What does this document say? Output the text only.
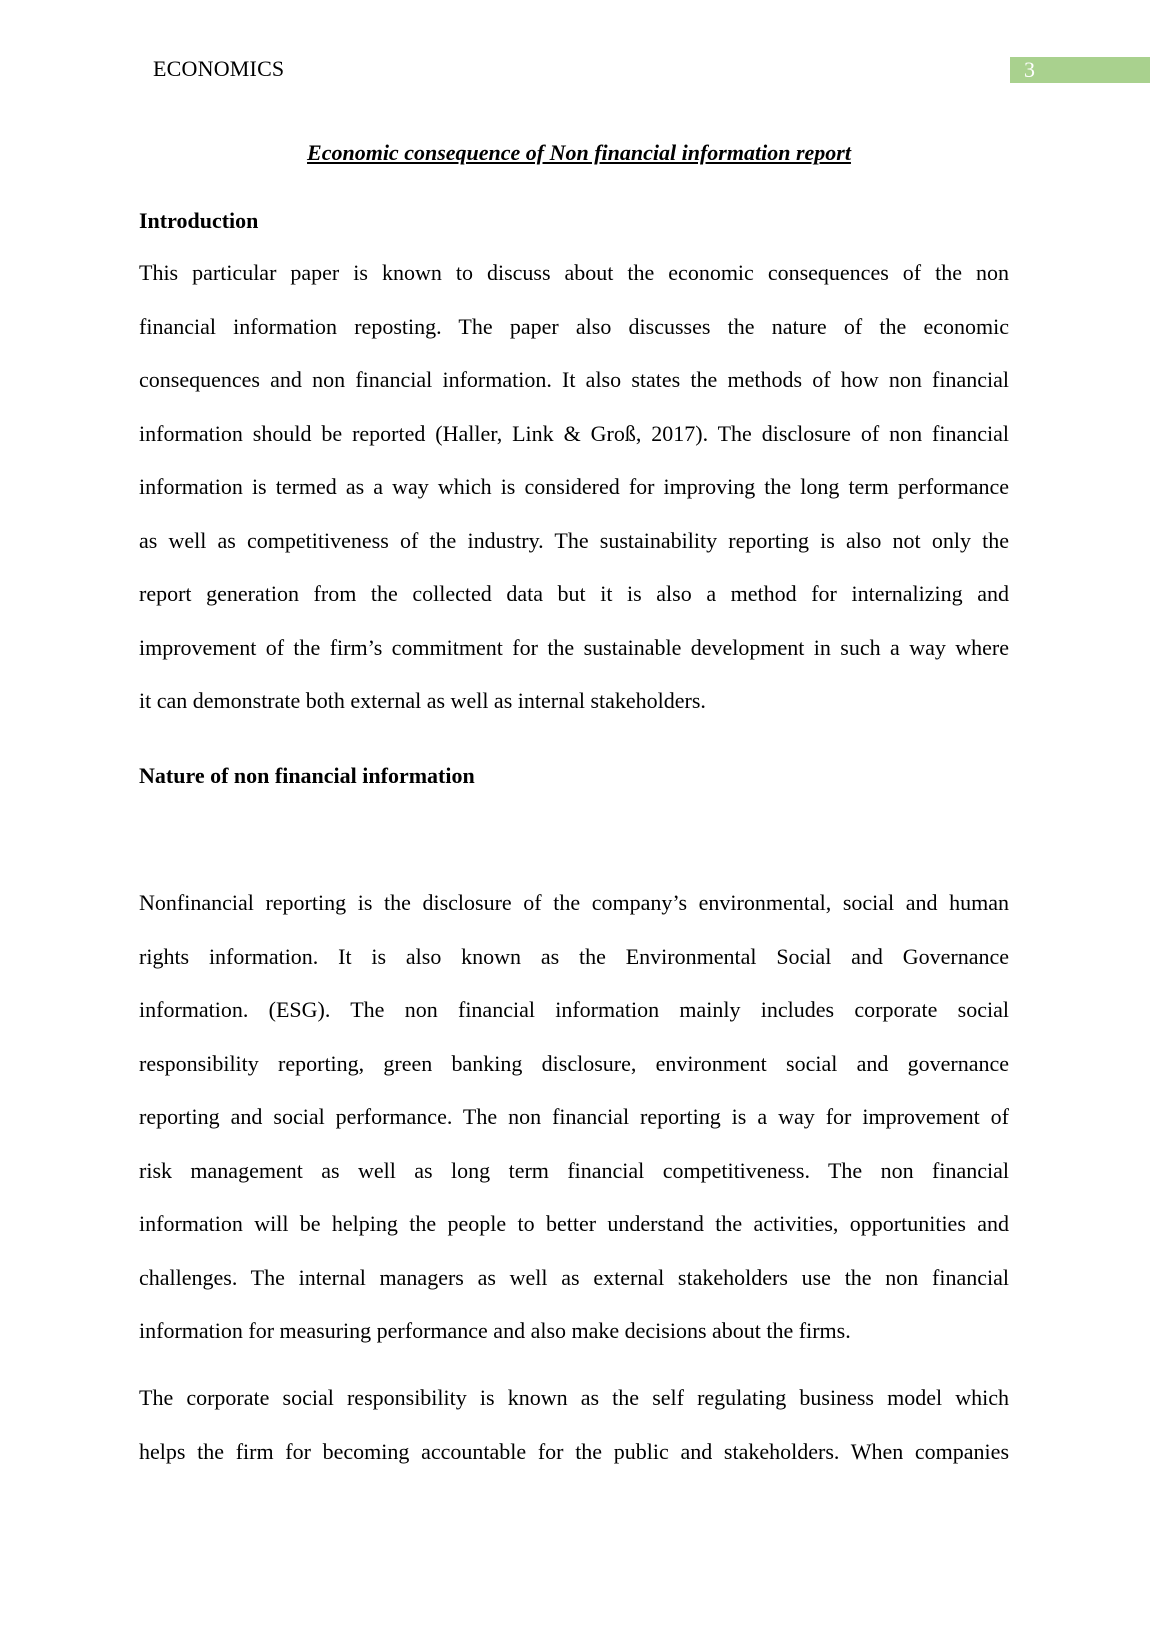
ECONOMICS	3
Economic consequence of Non financial information report
Introduction
This particular paper is known to discuss about the economic consequences of the non
financial information reposting. The paper also discusses the nature of the economic
consequences and non financial information. It also states the methods of how non financial
information should be reported (Haller, Link & Groß, 2017). The disclosure of non financial
information is termed as a way which is considered for improving the long term performance
as well as competitiveness of the industry. The sustainability reporting is also not only the
report generation from the collected data but it is also a method for internalizing and
improvement of the firm’s commitment for the sustainable development in such a way where
it can demonstrate both external as well as internal stakeholders.
Nature of non financial information
Nonfinancial reporting is the disclosure of the company’s environmental, social and human
rights information. It is also known as the Environmental Social and Governance
information. (ESG). The non financial information mainly includes corporate social
responsibility reporting, green banking disclosure, environment social and governance
reporting and social performance. The non financial reporting is a way for improvement of
risk management as well as long term financial competitiveness. The non financial
information will be helping the people to better understand the activities, opportunities and
challenges. The internal managers as well as external stakeholders use the non financial
information for measuring performance and also make decisions about the firms.
The corporate social responsibility is known as the self regulating business model which
helps the firm for becoming accountable for the public and stakeholders. When companies
